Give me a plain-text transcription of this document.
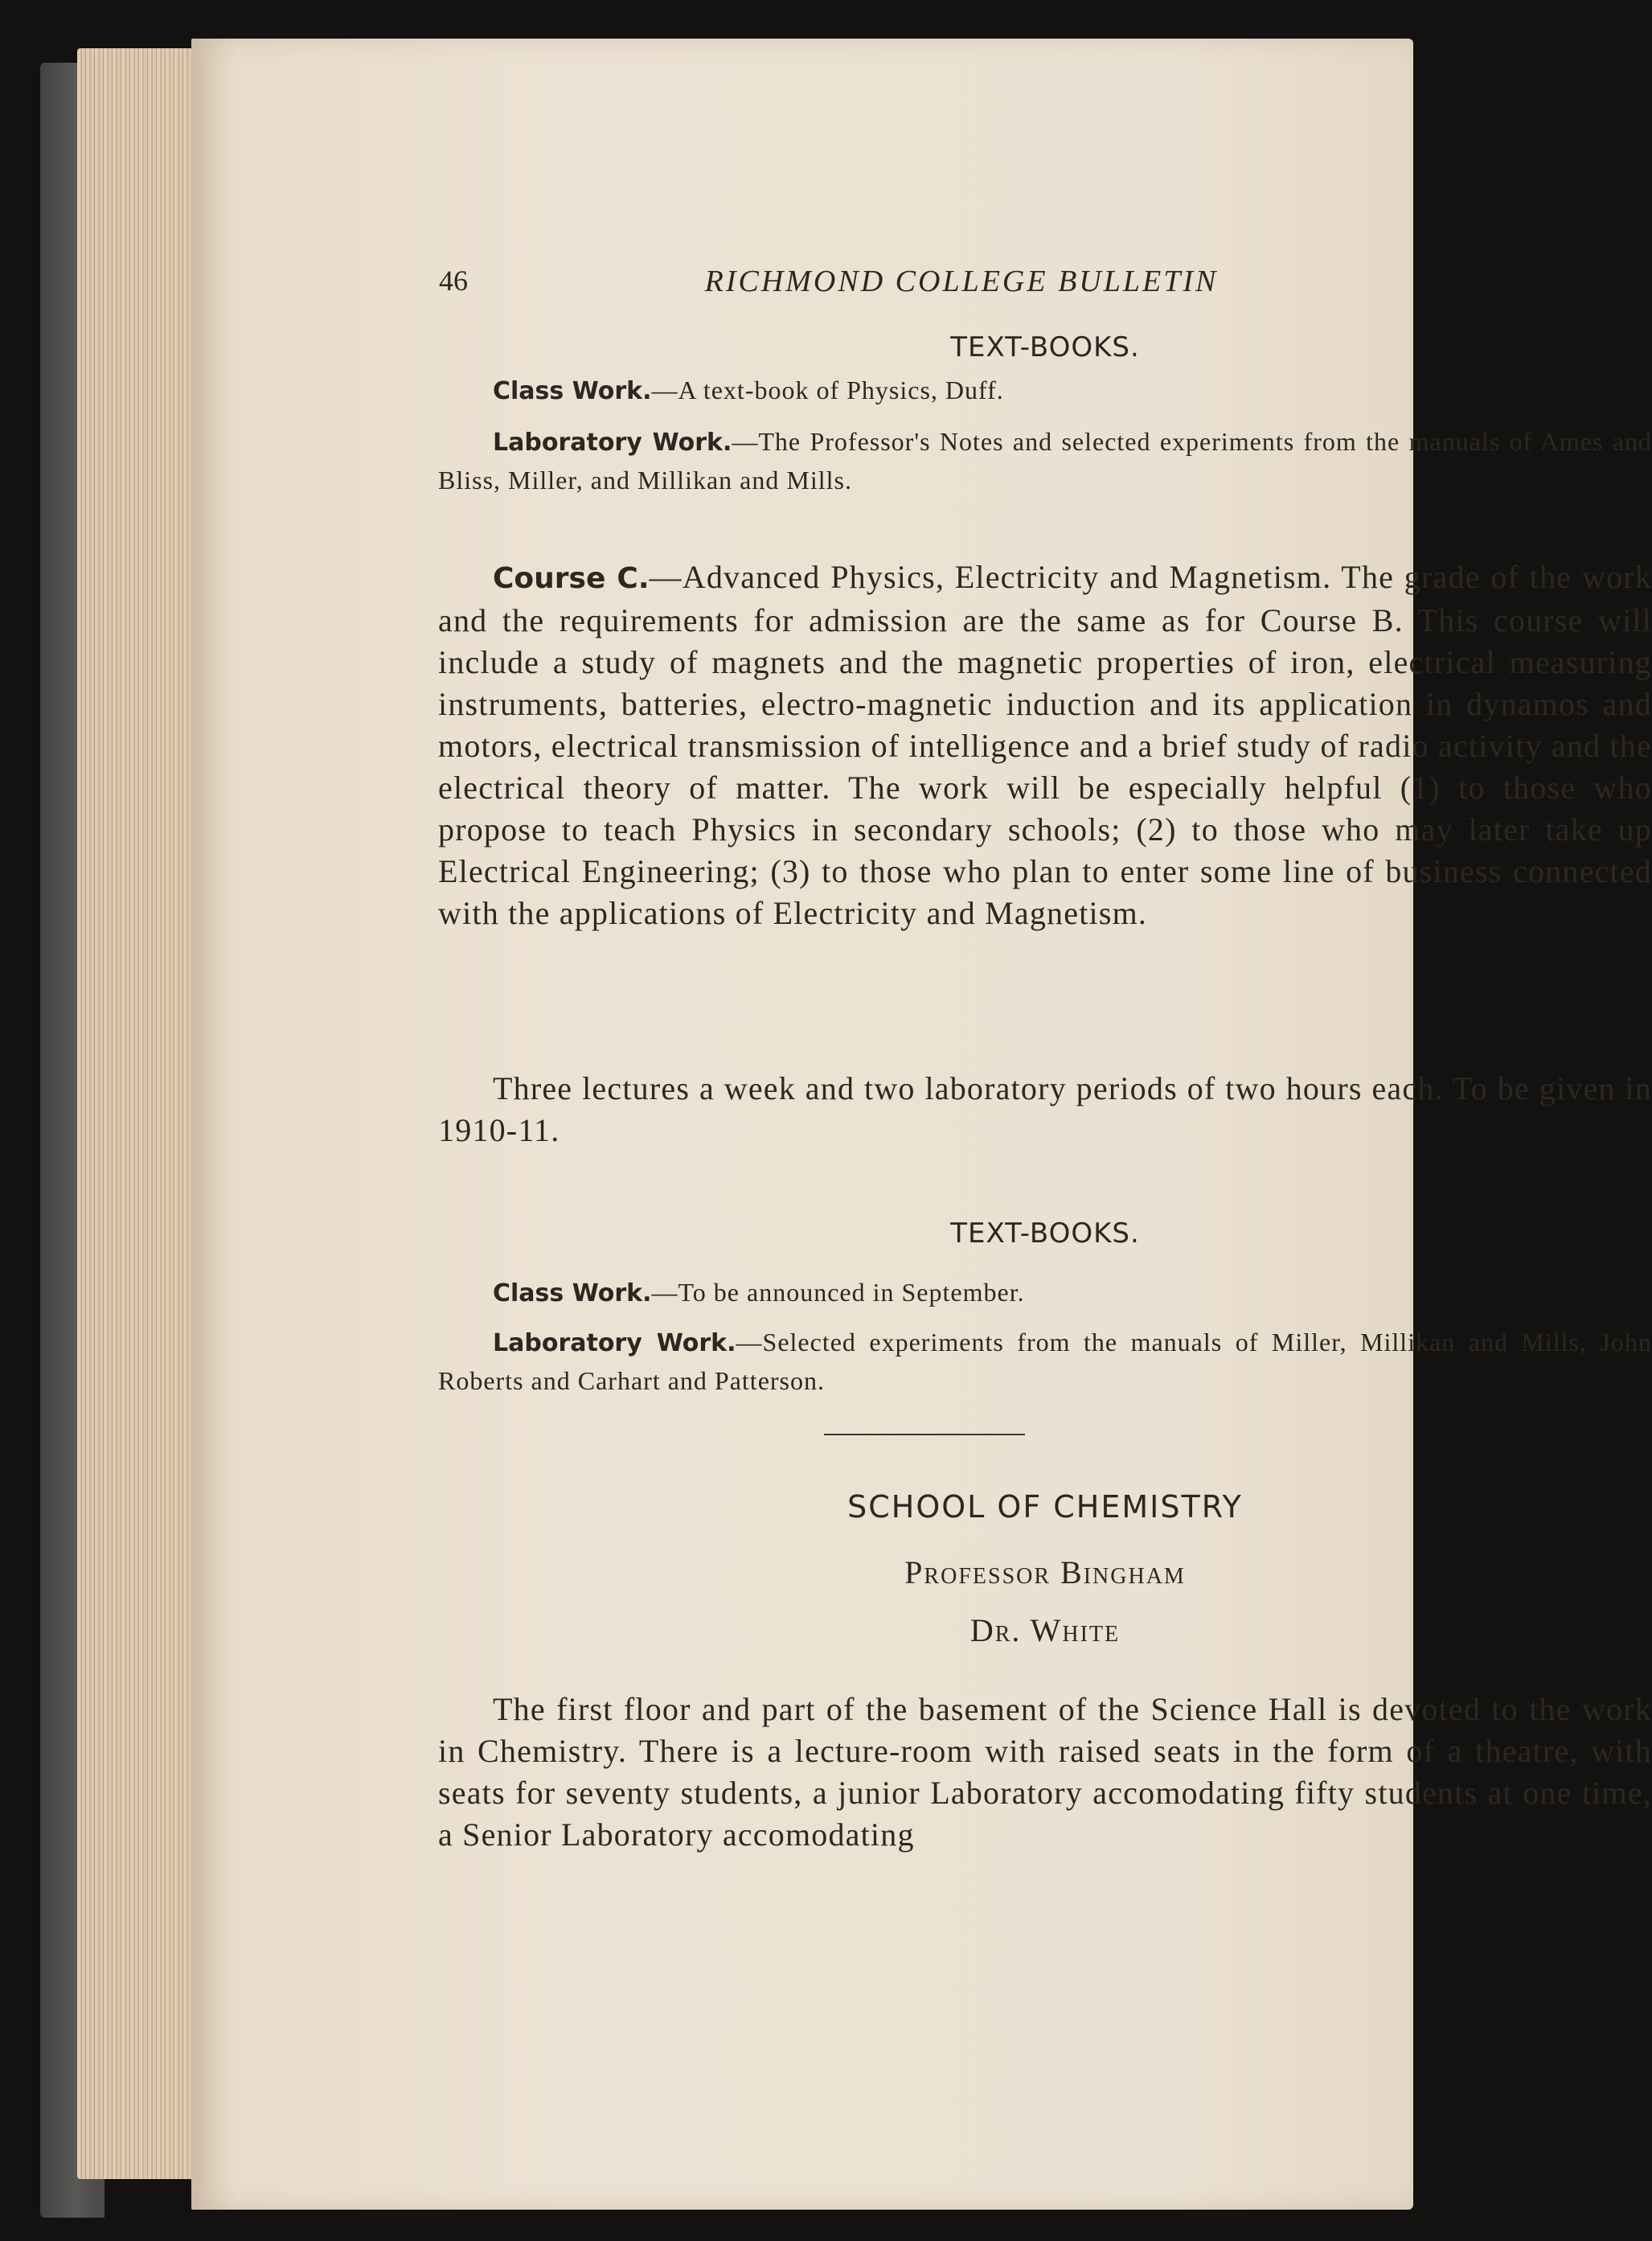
46	RICHMOND COLLEGE BULLETIN
TEXT-BOOKS.
Class Work.—A text-book of Physics, Duff.
Laboratory Work.—The Professor's Notes and selected experiments from the manuals of Ames and Bliss, Miller, and Millikan and Mills.
Course C.—Advanced Physics, Electricity and Magnetism. The grade of the work and the requirements for admission are the same as for Course B. This course will include a study of magnets and the magnetic properties of iron, electrical measuring instruments, batteries, electro-magnetic induction and its application in dynamos and motors, electrical transmission of intelligence and a brief study of radio activity and the electrical theory of matter. The work will be especially helpful (1) to those who propose to teach Physics in secondary schools; (2) to those who may later take up Electrical Engineering; (3) to those who plan to enter some line of business connected with the applications of Electricity and Magnetism.
Three lectures a week and two laboratory periods of two hours each. To be given in 1910-11.
TEXT-BOOKS.
Class Work.—To be announced in September.
Laboratory Work.—Selected experiments from the manuals of Miller, Millikan and Mills, John Roberts and Carhart and Patterson.
SCHOOL OF CHEMISTRY
Professor Bingham
Dr. White
The first floor and part of the basement of the Science Hall is devoted to the work in Chemistry. There is a lecture-room with raised seats in the form of a theatre, with seats for seventy students, a junior Laboratory accomodating fifty students at one time, a Senior Laboratory accomodating
